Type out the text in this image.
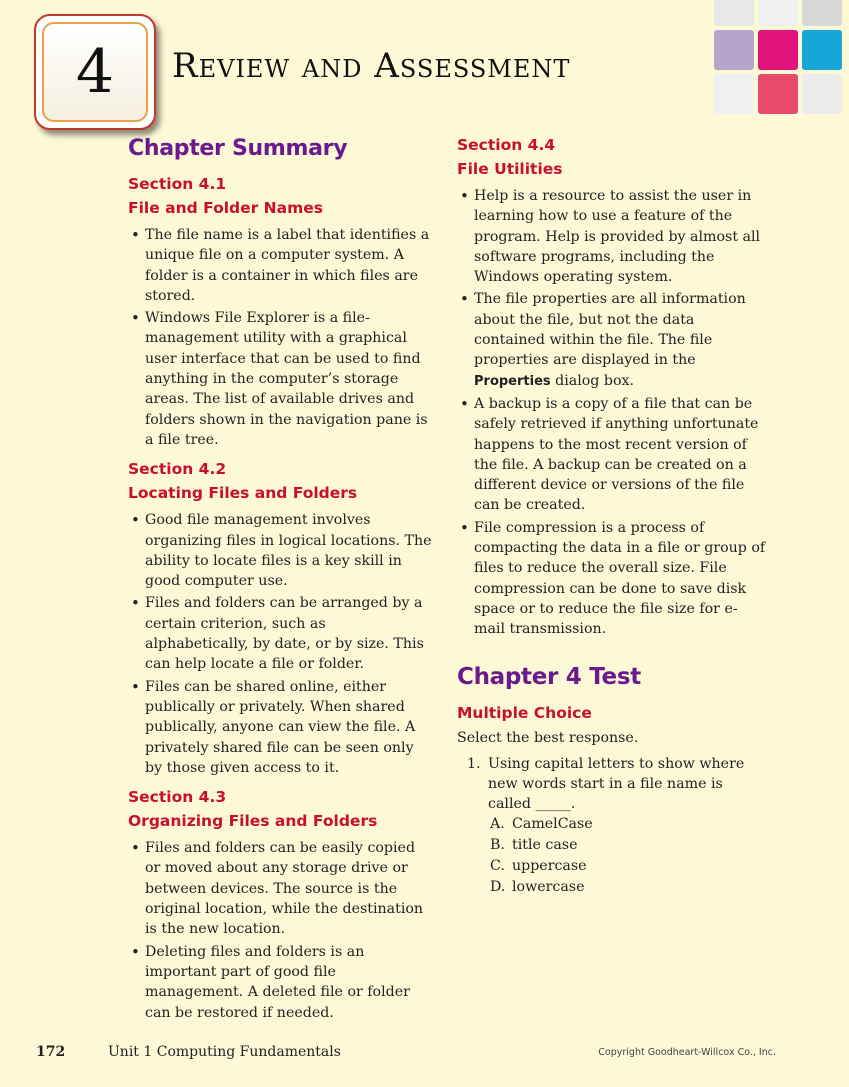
4 Review and Assessment
Chapter Summary
Section 4.1
File and Folder Names
• The file name is a label that identifies a unique file on a computer system. A folder is a container in which files are stored.
• Windows File Explorer is a file-management utility with a graphical user interface that can be used to find anything in the computer’s storage areas. The list of available drives and folders shown in the navigation pane is a file tree.
Section 4.2
Locating Files and Folders
• Good file management involves organizing files in logical locations. The ability to locate files is a key skill in good computer use.
• Files and folders can be arranged by a certain criterion, such as alphabetically, by date, or by size. This can help locate a file or folder.
• Files can be shared online, either publically or privately. When shared publically, anyone can view the file. A privately shared file can be seen only by those given access to it.
Section 4.3
Organizing Files and Folders
• Files and folders can be easily copied or moved about any storage drive or between devices. The source is the original location, while the destination is the new location.
• Deleting files and folders is an important part of good file management. A deleted file or folder can be restored if needed.
Section 4.4
File Utilities
• Help is a resource to assist the user in learning how to use a feature of the program. Help is provided by almost all software programs, including the Windows operating system.
• The file properties are all information about the file, but not the data contained within the file. The file properties are displayed in the Properties dialog box.
• A backup is a copy of a file that can be safely retrieved if anything unfortunate happens to the most recent version of the file. A backup can be created on a different device or versions of the file can be created.
• File compression is a process of compacting the data in a file or group of files to reduce the overall size. File compression can be done to save disk space or to reduce the file size for e-mail transmission.
Chapter 4 Test
Multiple Choice

Select the best response.

1. Using capital letters to show where new words start in a file name is called _____.
A. CamelCase
B. title case
C. uppercase
D. lowercase
172	Unit 1 Computing Fundamentals	Copyright Goodheart-Willcox Co., Inc.
